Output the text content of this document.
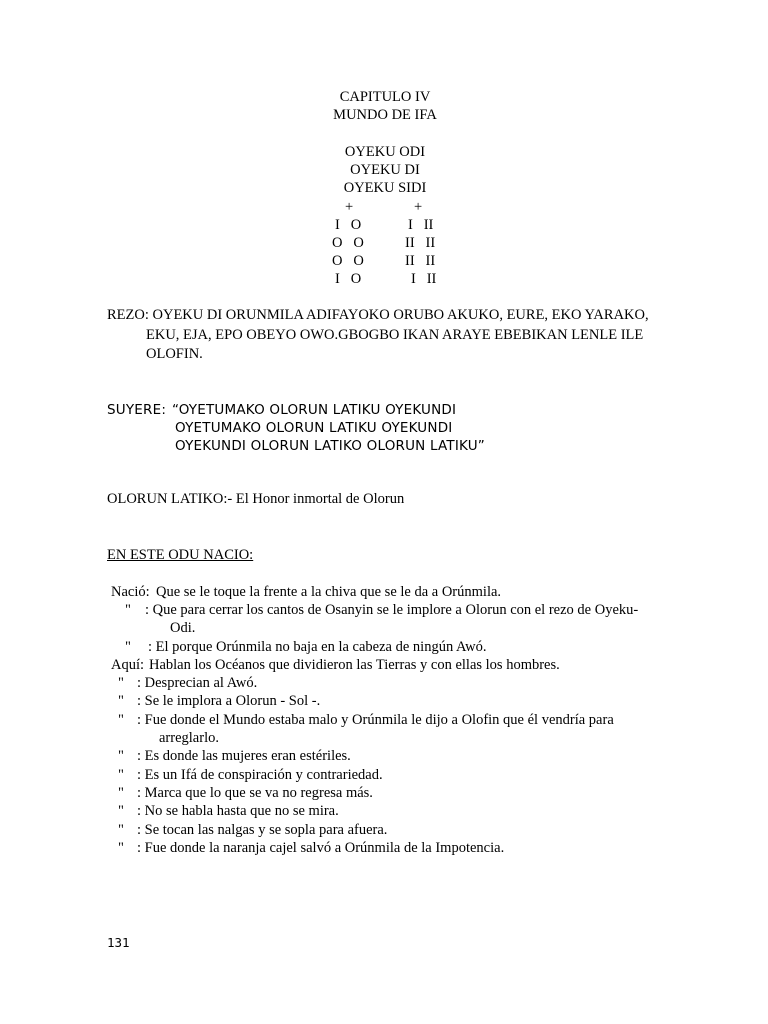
CAPITULO IV
MUNDO DE IFA
OYEKU ODI
OYEKU DI
OYEKU SIDI
+
I   O
O   O
O   O
I   O
+
I   II
II   II
II   II
I   II
REZO: OYEKU DI ORUNMILA ADIFAYOKO ORUBO AKUKO, EURE, EKO YARAKO,
EKU, EJA, EPO OBEYO OWO.GBOGBO IKAN ARAYE EBEBIKAN LENLE ILE
OLOFIN.
SUYERE: “OYETUMAKO OLORUN LATIKU OYEKUNDI
OYETUMAKO OLORUN LATIKU OYEKUNDI
OYEKUNDI OLORUN LATIKO OLORUN LATIKU”
OLORUN LATIKO:- El Honor inmortal de Olorun
EN ESTE ODU NACIO:
Nació: Que se le toque la frente a la chiva que se le da a Orúnmila.
" : Que para cerrar los cantos de Osanyin se le implore a Olorun con el rezo de Oyeku-
Odi.
" : El porque Orúnmila no baja en la cabeza de ningún Awó.
Aquí: Hablan los Océanos que dividieron las Tierras y con ellas los hombres.
" : Desprecian al Awó.
" : Se le implora a Olorun - Sol -.
" : Fue donde el Mundo estaba malo y Orúnmila le dijo a Olofin que él vendría para
arreglarlo.
" : Es donde las mujeres eran estériles.
" : Es un Ifá de conspiración y contrariedad.
" : Marca que lo que se va no regresa más.
" : No se habla hasta que no se mira.
" : Se tocan las nalgas y se sopla para afuera.
" : Fue donde la naranja cajel salvó a Orúnmila de la Impotencia.
131
